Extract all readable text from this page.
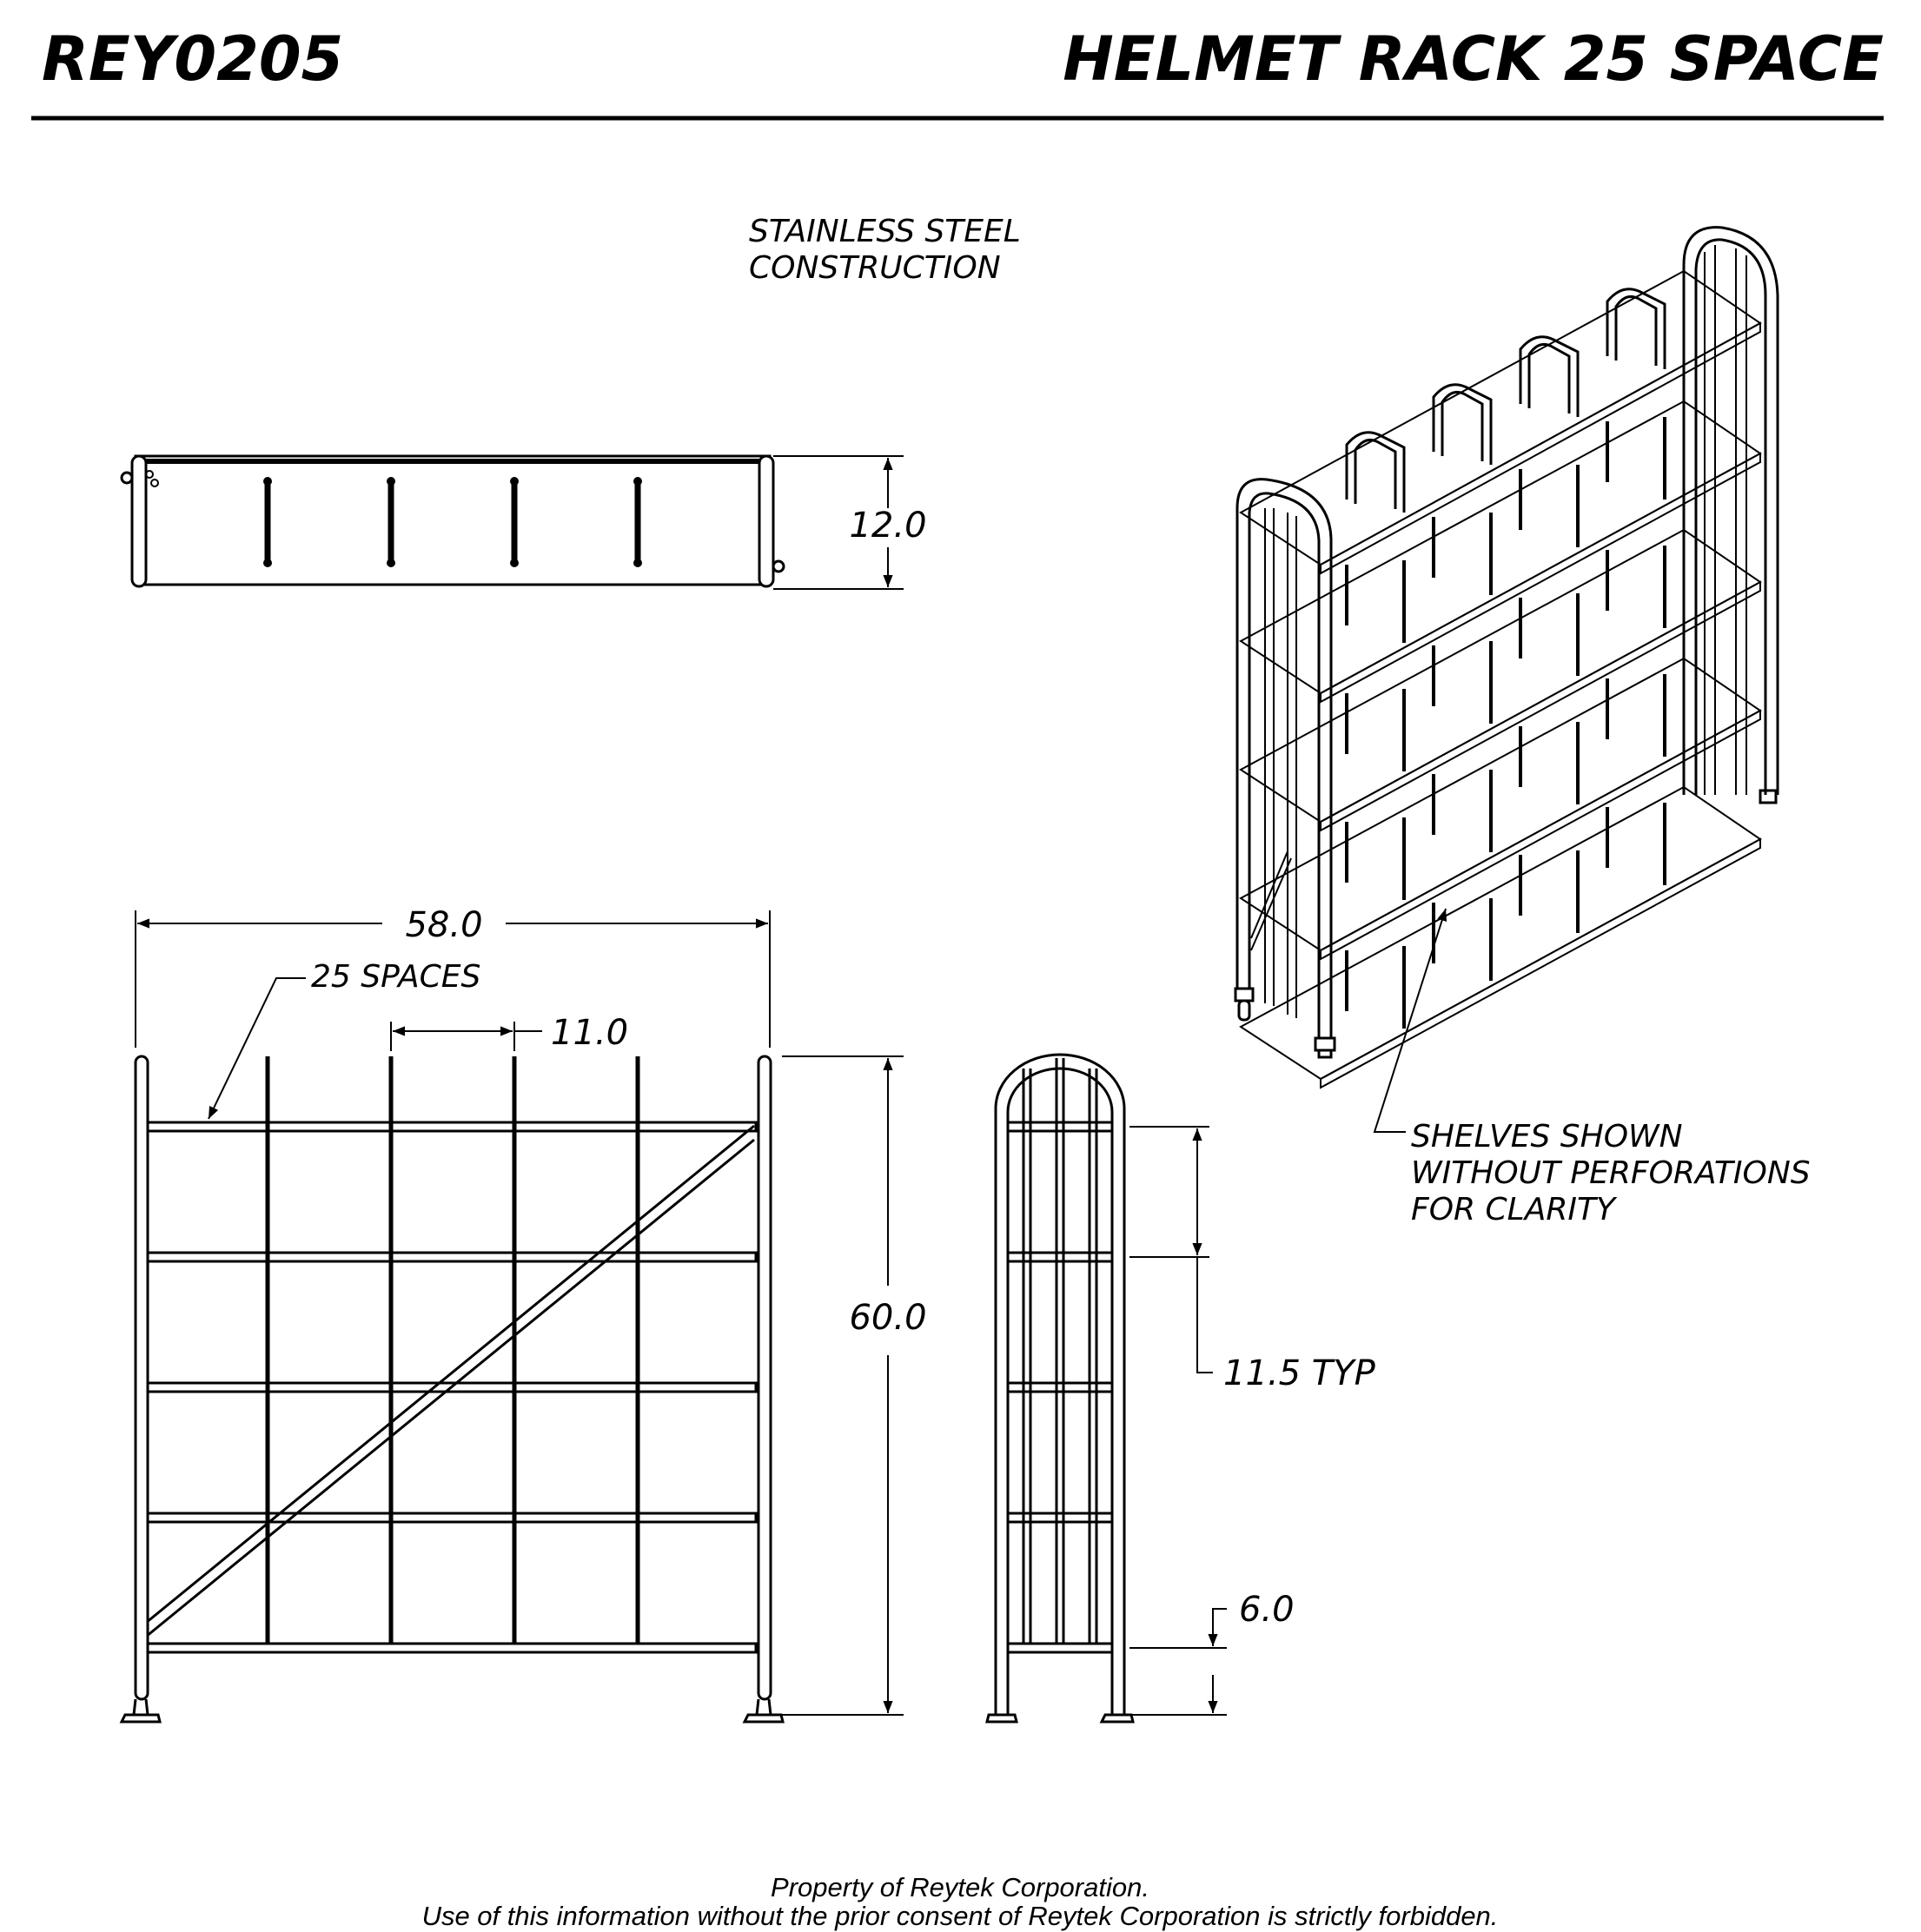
REY0205	HELMET RACK 25 SPACE
STAINLESS STEEL
CONSTRUCTION
12.0
58.0
25 SPACES
11.0
60.0
11.5 TYP
6.0
SHELVES SHOWN
WITHOUT PERFORATIONS
FOR CLARITY
Property of Reytek Corporation.
Use of this information without the prior consent of Reytek Corporation is strictly forbidden.
